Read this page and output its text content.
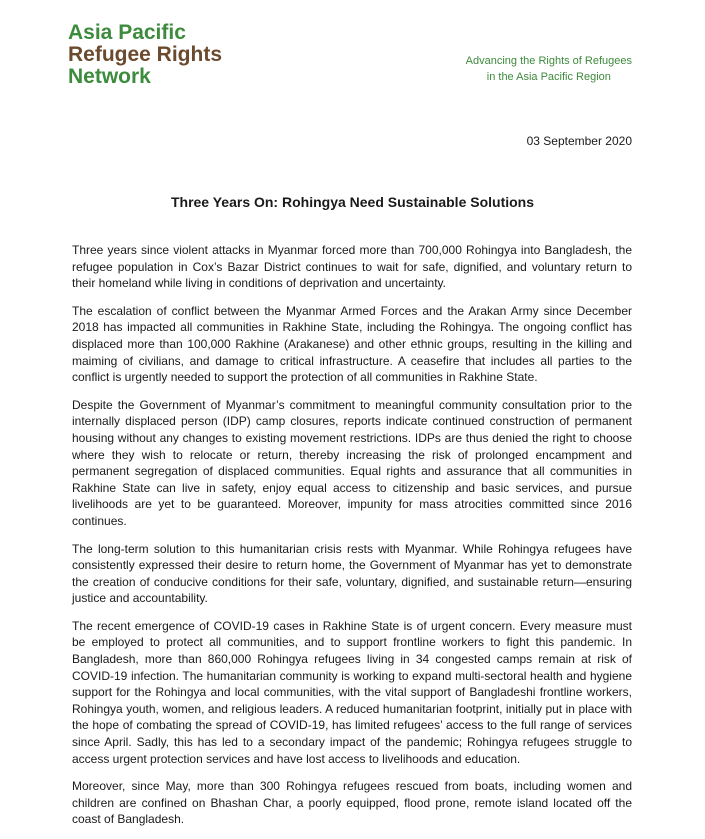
Asia Pacific
Refugee Rights
Network
Advancing the Rights of Refugees
in the Asia Pacific Region
03 September 2020
Three Years On: Rohingya Need Sustainable Solutions

Three years since violent attacks in Myanmar forced more than 700,000 Rohingya into Bangladesh, the refugee population in Cox’s Bazar District continues to wait for safe, dignified, and voluntary return to their homeland while living in conditions of deprivation and uncertainty.

The escalation of conflict between the Myanmar Armed Forces and the Arakan Army since December 2018 has impacted all communities in Rakhine State, including the Rohingya. The ongoing conflict has displaced more than 100,000 Rakhine (Arakanese) and other ethnic groups, resulting in the killing and maiming of civilians, and damage to critical infrastructure. A ceasefire that includes all parties to the conflict is urgently needed to support the protection of all communities in Rakhine State.

Despite the Government of Myanmar’s commitment to meaningful community consultation prior to the internally displaced person (IDP) camp closures, reports indicate continued construction of permanent housing without any changes to existing movement restrictions. IDPs are thus denied the right to choose where they wish to relocate or return, thereby increasing the risk of prolonged encampment and permanent segregation of displaced communities. Equal rights and assurance that all communities in Rakhine State can live in safety, enjoy equal access to citizenship and basic services, and pursue livelihoods are yet to be guaranteed. Moreover, impunity for mass atrocities committed since 2016 continues.

The long-term solution to this humanitarian crisis rests with Myanmar. While Rohingya refugees have consistently expressed their desire to return home, the Government of Myanmar has yet to demonstrate the creation of conducive conditions for their safe, voluntary, dignified, and sustainable return—ensuring justice and accountability.

The recent emergence of COVID-19 cases in Rakhine State is of urgent concern. Every measure must be employed to protect all communities, and to support frontline workers to fight this pandemic. In Bangladesh, more than 860,000 Rohingya refugees living in 34 congested camps remain at risk of COVID-19 infection. The humanitarian community is working to expand multi-sectoral health and hygiene support for the Rohingya and local communities, with the vital support of Bangladeshi frontline workers, Rohingya youth, women, and religious leaders. A reduced humanitarian footprint, initially put in place with the hope of combating the spread of COVID-19, has limited refugees’ access to the full range of services since April. Sadly, this has led to a secondary impact of the pandemic; Rohingya refugees struggle to access urgent protection services and have lost access to livelihoods and education.

Moreover, since May, more than 300 Rohingya refugees rescued from boats, including women and children are confined on Bhashan Char, a poorly equipped, flood prone, remote island located off the coast of Bangladesh.
